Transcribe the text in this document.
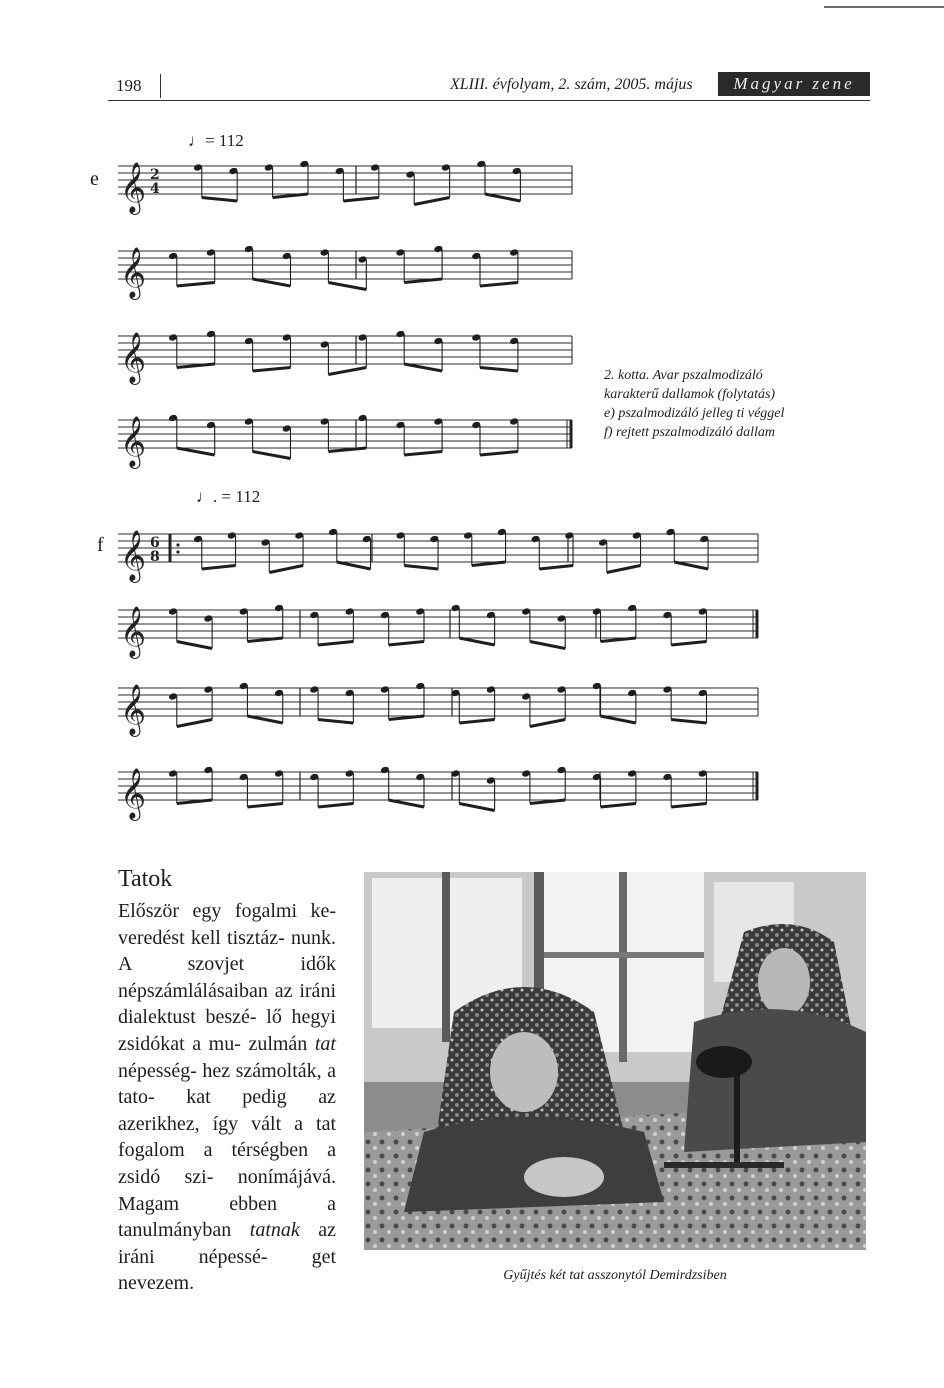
198	XLIII. évfolyam, 2. szám, 2005. május	Magyar zene
e
♩= 112
f
♩. = 112
𝄞 2
4
𝄞
𝄞
𝄞
𝄞 6
8
𝄞
𝄞
𝄞
2. kotta. Avar pszalmodizáló
karakterű dallamok (folytatás)
e) pszalmodizáló jelleg ti véggel
f) rejtett pszalmodizáló dallam
Tatok
Először egy fogalmi ke- veredést kell tisztáz- nunk. A szovjet idők népszámlálásaiban az iráni dialektust beszé- lő hegyi zsidókat a mu- zulmán tat népesség- hez számolták, a tato- kat pedig az azerikhez, így vált a tat fogalom a térségben a zsidó szi- nonímájává. Magam	ebben a tanulmányban tatnak az iráni népessé- get nevezem.	Gyűjtés két tat asszonytól Demirdzsiben
